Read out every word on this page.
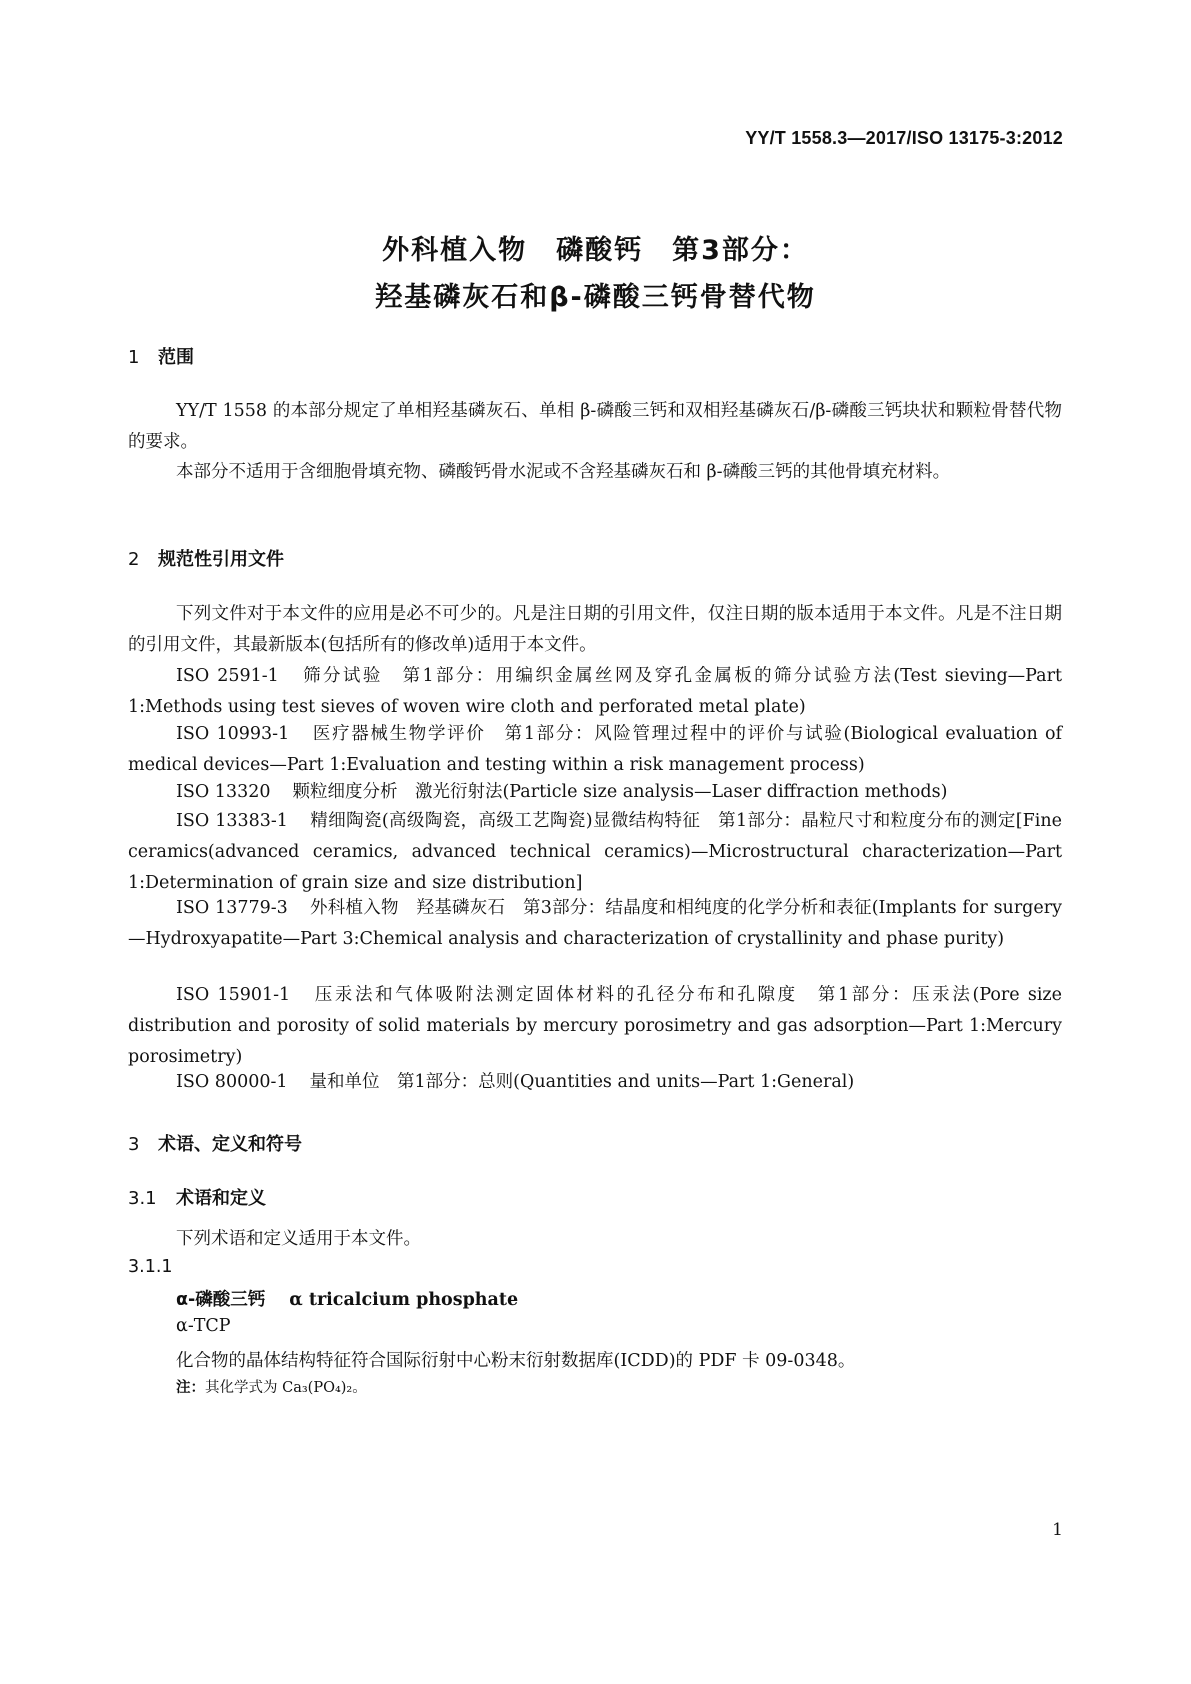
YY/T 1558.3—2017/ISO 13175-3:2012
外科植入物　磷酸钙　第3部分：
羟基磷灰石和β-磷酸三钙骨替代物
1 范围
YY/T 1558 的本部分规定了单相羟基磷灰石、单相 β-磷酸三钙和双相羟基磷灰石/β-磷酸三钙块状和颗粒骨替代物的要求。
本部分不适用于含细胞骨填充物、磷酸钙骨水泥或不含羟基磷灰石和 β-磷酸三钙的其他骨填充材料。
2 规范性引用文件
下列文件对于本文件的应用是必不可少的。凡是注日期的引用文件，仅注日期的版本适用于本文件。凡是不注日期的引用文件，其最新版本(包括所有的修改单)适用于本文件。
ISO 2591-1 筛分试验　第1部分：用编织金属丝网及穿孔金属板的筛分试验方法(Test sieving—Part 1:Methods using test sieves of woven wire cloth and perforated metal plate)
ISO 10993-1 医疗器械生物学评价　第1部分：风险管理过程中的评价与试验(Biological evaluation of medical devices—Part 1:Evaluation and testing within a risk management process)
ISO 13320 颗粒细度分析　激光衍射法(Particle size analysis—Laser diffraction methods)
ISO 13383-1 精细陶瓷(高级陶瓷，高级工艺陶瓷)显微结构特征　第1部分：晶粒尺寸和粒度分布的测定[Fine ceramics(advanced ceramics, advanced technical ceramics)—Microstructural characterization—Part 1:Determination of grain size and size distribution]
ISO 13779-3 外科植入物　羟基磷灰石　第3部分：结晶度和相纯度的化学分析和表征(Implants for surgery—Hydroxyapatite—Part 3:Chemical analysis and characterization of crystallinity and phase purity)
ISO 15901-1 压汞法和气体吸附法测定固体材料的孔径分布和孔隙度　第1部分：压汞法(Pore size distribution and porosity of solid materials by mercury porosimetry and gas adsorption—Part 1:Mercury porosimetry)
ISO 80000-1 量和单位　第1部分：总则(Quantities and units—Part 1:General)
3 术语、定义和符号
3.1 术语和定义
下列术语和定义适用于本文件。
3.1.1
α-磷酸三钙 α tricalcium phosphate
α-TCP
化合物的晶体结构特征符合国际衍射中心粉末衍射数据库(ICDD)的 PDF 卡 09-0348。
注：其化学式为 Ca₃(PO₄)₂。
1
